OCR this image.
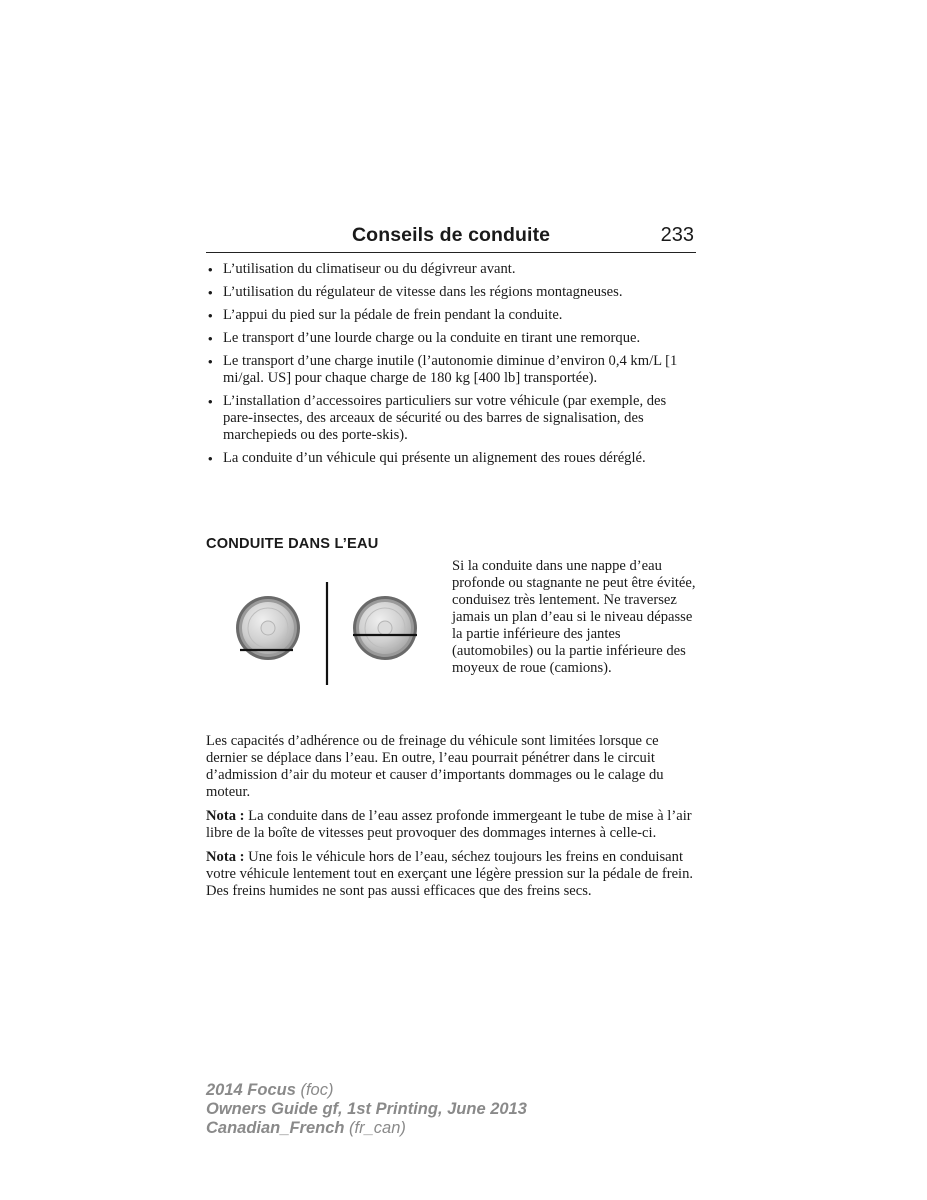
Conseils de conduite	233
• L’utilisation du climatiseur ou du dégivreur avant.
• L’utilisation du régulateur de vitesse dans les régions montagneuses.
• L’appui du pied sur la pédale de frein pendant la conduite.
• Le transport d’une lourde charge ou la conduite en tirant une remorque.
• Le transport d’une charge inutile (l’autonomie diminue d’environ 0,4 km/L [1 mi/gal. US] pour chaque charge de 180 kg [400 lb] transportée).
• L’installation d’accessoires particuliers sur votre véhicule (par exemple, des pare-insectes, des arceaux de sécurité ou des barres de signalisation, des marchepieds ou des porte-skis).
• La conduite d’un véhicule qui présente un alignement des roues déréglé.
CONDUITE DANS L’EAU
Si la conduite dans une nappe d’eau profonde ou stagnante ne peut être évitée, conduisez très lentement. Ne traversez jamais un plan d’eau si le niveau dépasse la partie inférieure des jantes (automobiles) ou la partie inférieure des moyeux de roue (camions).

Les capacités d’adhérence ou de freinage du véhicule sont limitées lorsque ce dernier se déplace dans l’eau. En outre, l’eau pourrait pénétrer dans le circuit d’admission d’air du moteur et causer d’importants dommages ou le calage du moteur.

Nota : La conduite dans de l’eau assez profonde immergeant le tube de mise à l’air libre de la boîte de vitesses peut provoquer des dommages internes à celle-ci.

Nota : Une fois le véhicule hors de l’eau, séchez toujours les freins en conduisant votre véhicule lentement tout en exerçant une légère pression sur la pédale de frein. Des freins humides ne sont pas aussi efficaces que des freins secs.

2014 Focus (foc)
Owners Guide gf, 1st Printing, June 2013
Canadian_French (fr_can)
